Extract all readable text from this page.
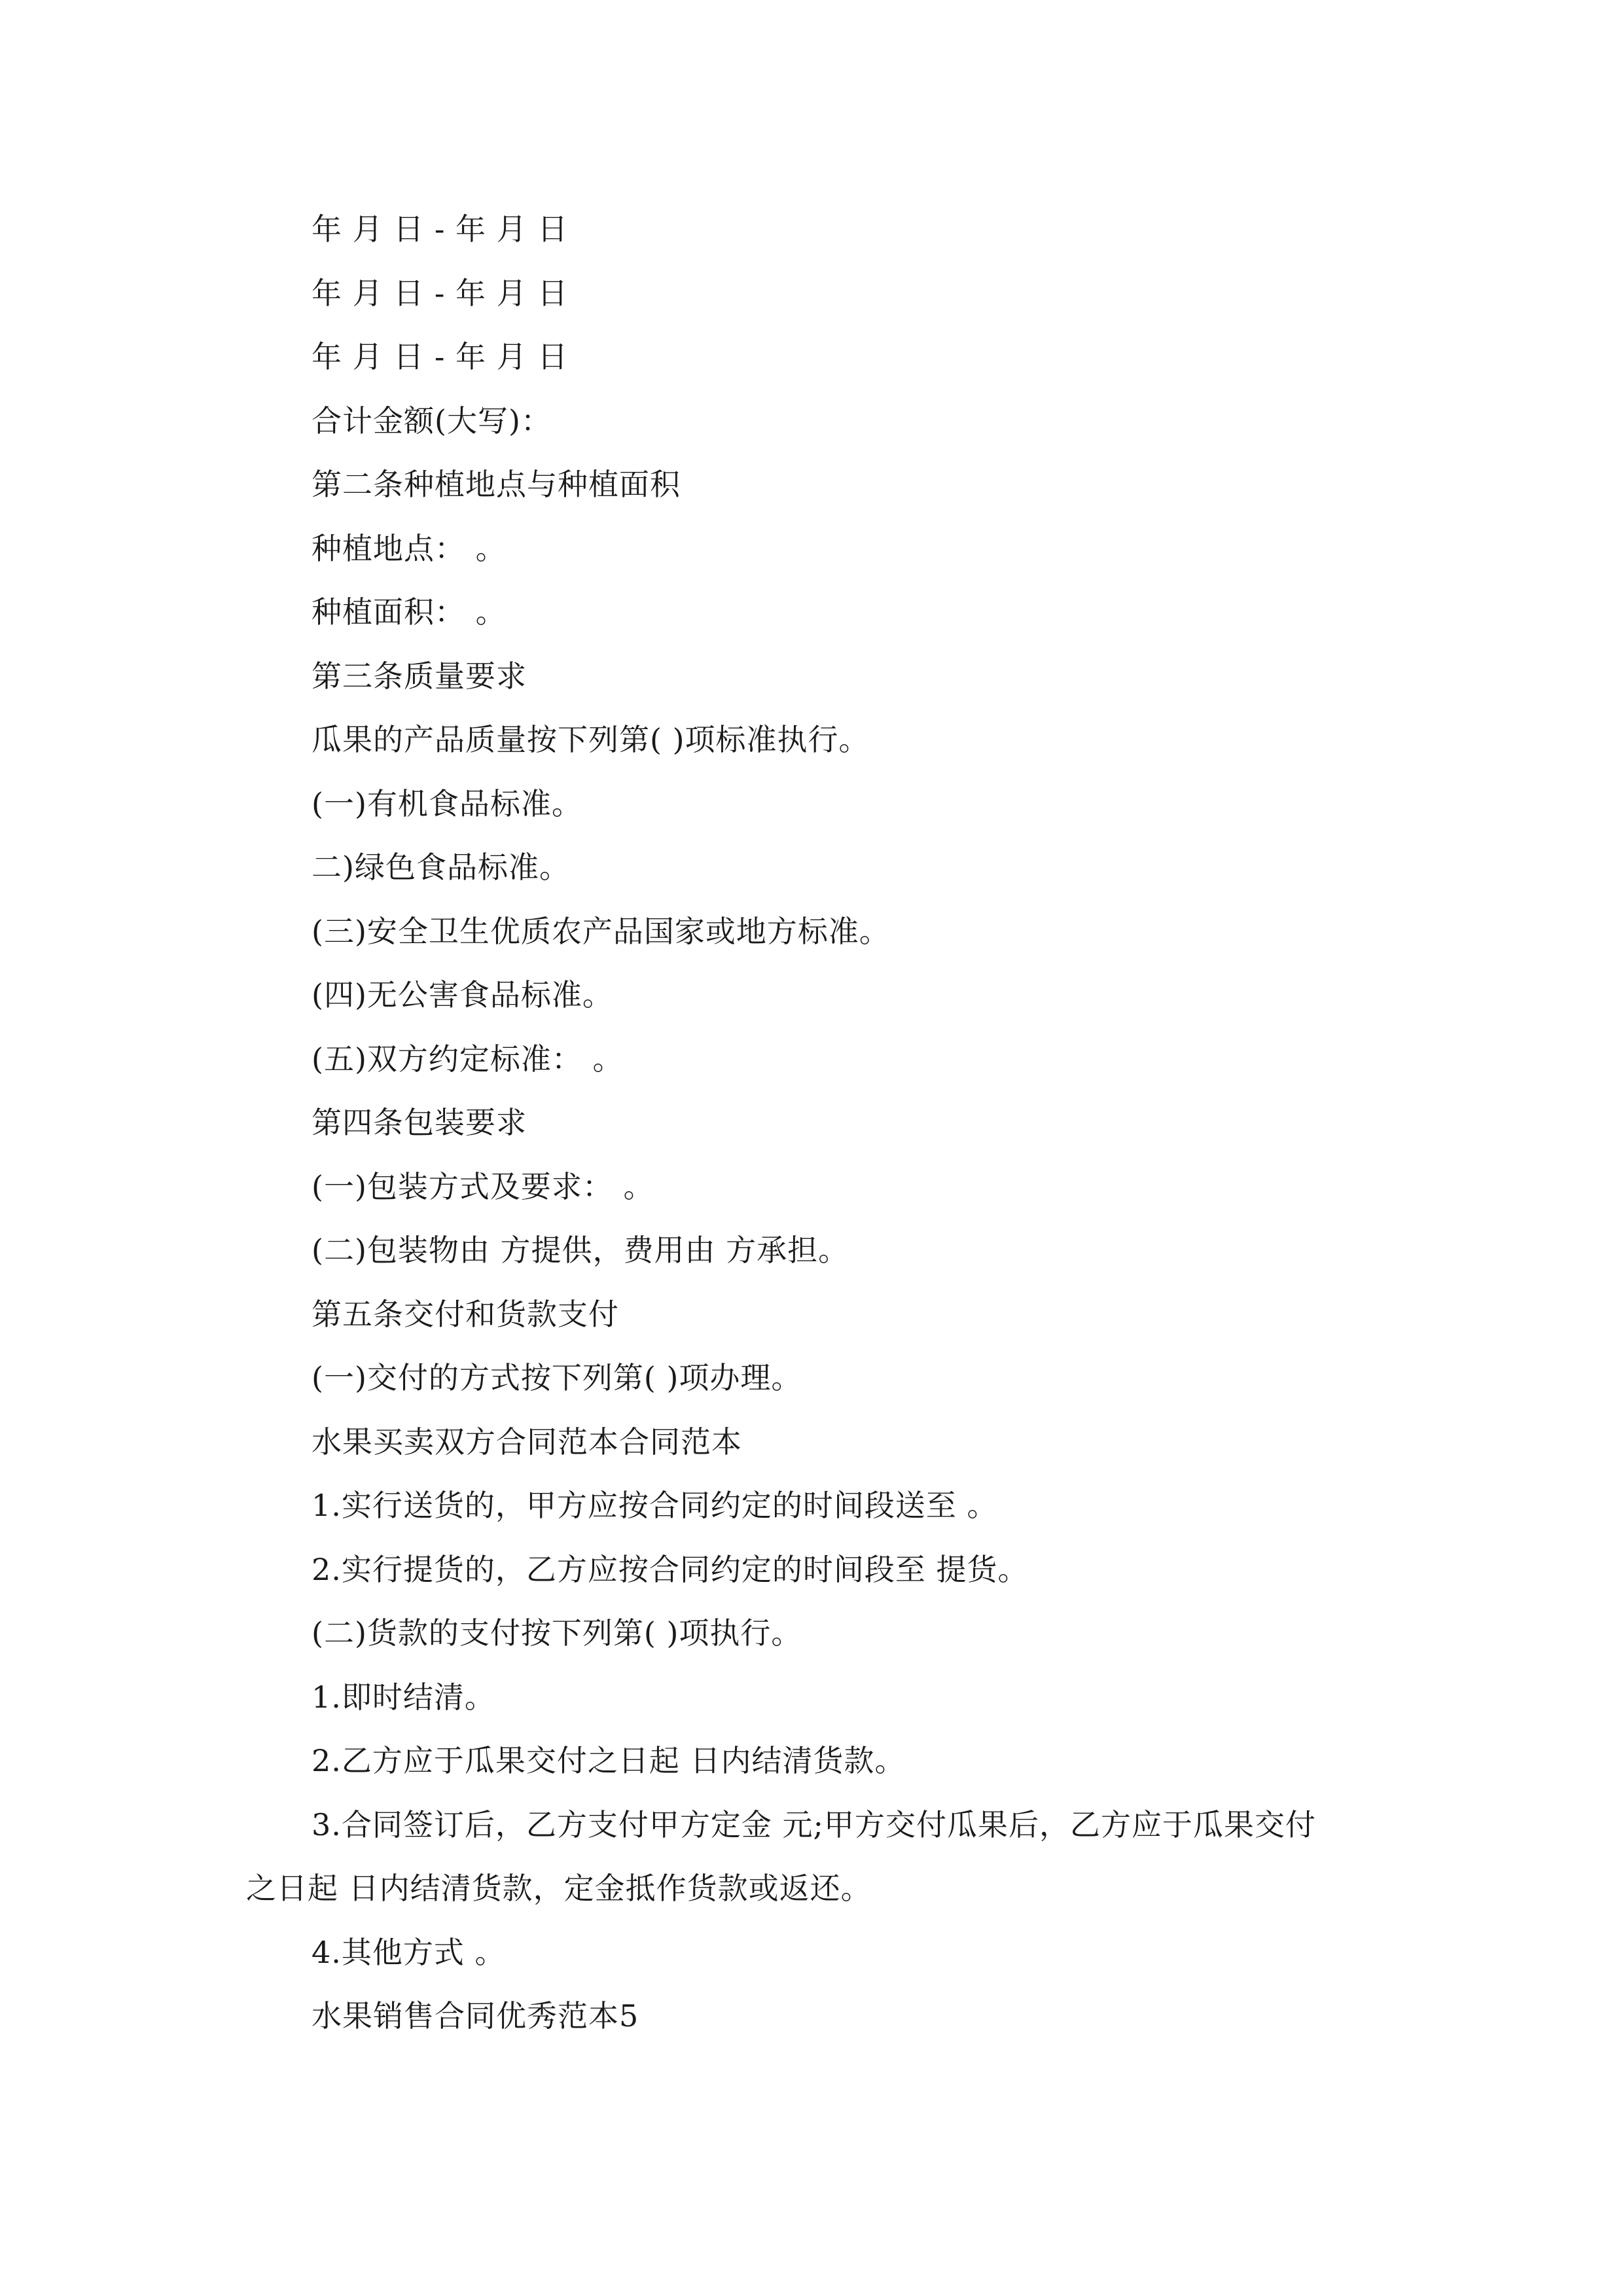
年 月 日 - 年 月 日
年 月 日 - 年 月 日
年 月 日 - 年 月 日
合计金额(大写)：
第二条种植地点与种植面积
种植地点： 。
种植面积： 。
第三条质量要求
瓜果的产品质量按下列第( )项标准执行。
(一)有机食品标准。
二)绿色食品标准。
(三)安全卫生优质农产品国家或地方标准。
(四)无公害食品标准。
(五)双方约定标准： 。
第四条包装要求
(一)包装方式及要求： 。
(二)包装物由 方提供，费用由 方承担。
第五条交付和货款支付
(一)交付的方式按下列第( )项办理。
水果买卖双方合同范本合同范本
1.实行送货的，甲方应按合同约定的时间段送至 。
2.实行提货的，乙方应按合同约定的时间段至 提货。
(二)货款的支付按下列第( )项执行。
1.即时结清。
2.乙方应于瓜果交付之日起 日内结清货款。
3.合同签订后，乙方支付甲方定金 元;甲方交付瓜果后，乙方应于瓜果交付
之日起 日内结清货款，定金抵作货款或返还。
4.其他方式 。
水果销售合同优秀范本5
